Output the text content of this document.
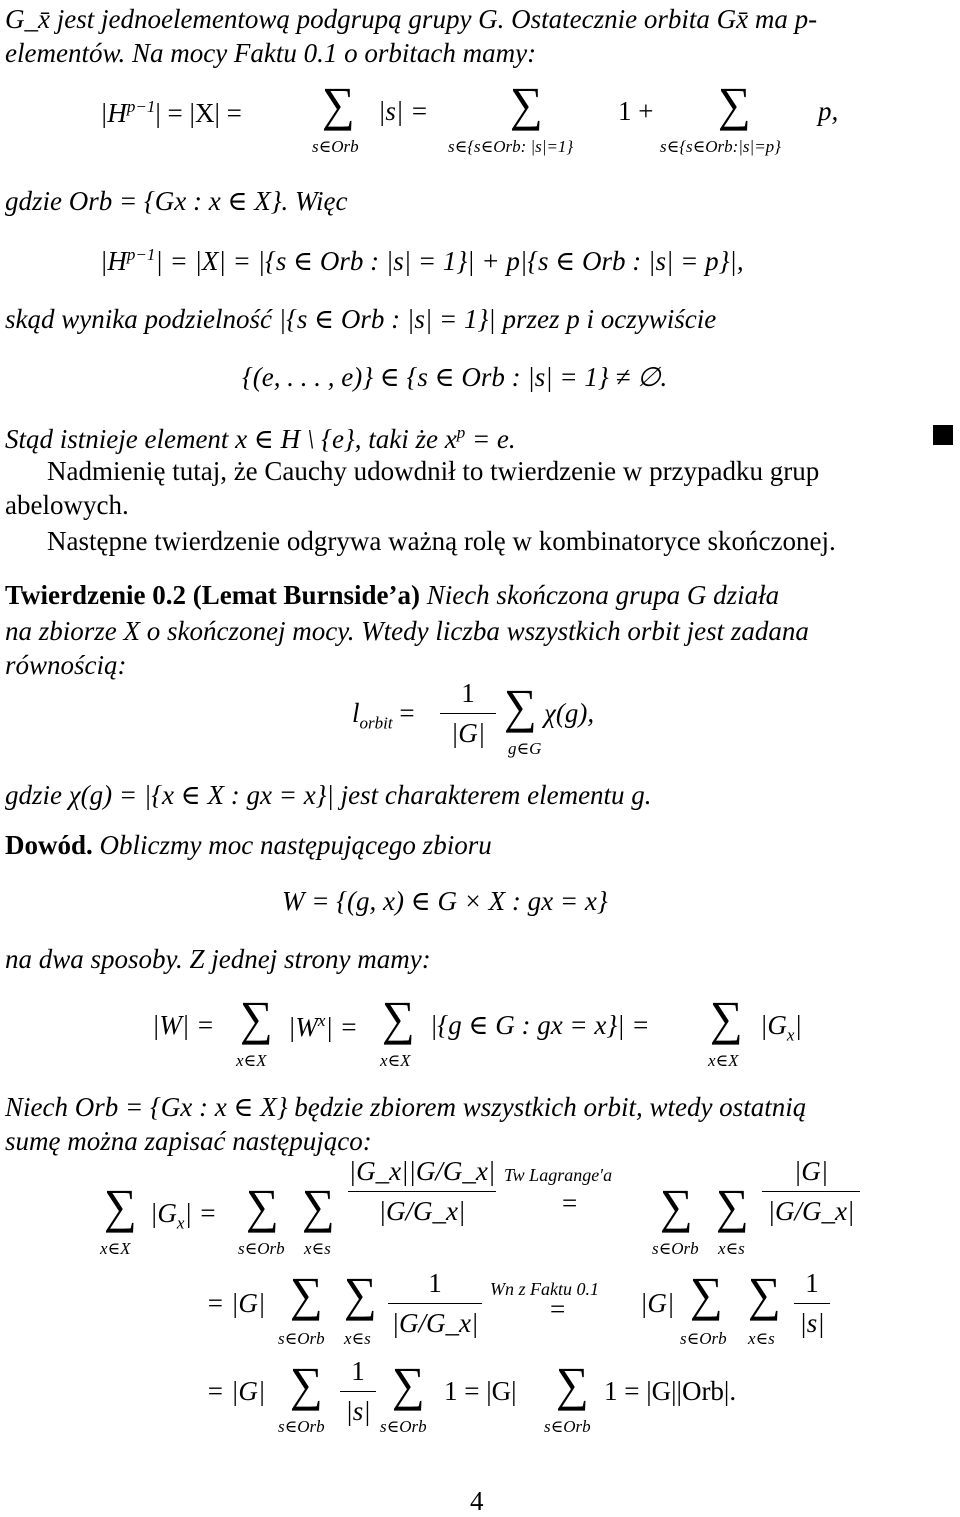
G_x̄ jest jednoelementową podgrupą grupy G. Ostatecznie orbita Gx̄ ma p-
elementów. Na mocy Faktu 0.1 o orbitach mamy:
$|H^{p-1}| = |X|$ = ∑
s∈Orb
|s| = ∑
s∈{s∈Orb: |s|=1}
1 + ∑
s∈{s∈Orb:|s|=p}
p,
gdzie Orb = {Gx : x ∈ X}. Więc
$|H^{p-1}| = |X| = |\{s$ ∈ Orb : |s| = 1}| + p|{s ∈ Orb : |s| = p}|,
skąd wynika podzielność |{s ∈ Orb : |s| = 1}| przez p i oczywiście
{(e, . . . , e)} ∈ {s ∈ Orb : |s| = 1} ≠ ∅.
Stąd istnieje element x ∈ H \ {e}, taki że $x^p = e$.
Nadmienię tutaj, że Cauchy udowdnił to twierdzenie w przypadku grup
abelowych.
Następne twierdzenie odgrywa ważną rolę w kombinatoryce skończonej.
Twierdzenie 0.2 (Lemat Burnside’a) Niech skończona grupa G działa
na zbiorze X o skończonej mocy. Wtedy liczba wszystkich orbit jest zadana
równością:
$l_{orbit}$ =
1
|G| ∑
g∈G
χ(g),
gdzie χ(g) = |{x ∈ X : gx = x}| jest charakterem elementu g.
Dowód. Obliczmy moc następującego zbioru
W = {(g, x) ∈ G × X : gx = x}
na dwa sposoby. Z jednej strony mamy:
|W| = ∑
x∈X
$|W^x|$ = ∑
x∈X
|{g ∈ G : gx = x}| = ∑
x∈X
$|G_x|$
Niech Orb = {Gx : x ∈ X} będzie zbiorem wszystkich orbit, wtedy ostatnią
sumę można zapisać następująco:
∑
x∈X
$|G_x|$ = ∑
s∈Orb
∑
x∈s
|G_x||G/G_x|
|G/G_x|
Tw Lagrange′a
= ∑
s∈Orb
∑
x∈s
|G|
|G/G_x|
= |G| ∑
s∈Orb
∑
x∈s
1
|G/G_x|
Wn z Faktu 0.1
=	|G| ∑
s∈Orb
∑
x∈s
1
|s|
= |G| ∑
s∈Orb
1
|s| ∑
s∈Orb
1 = |G| ∑
s∈Orb
1 = |G||Orb|.
4
